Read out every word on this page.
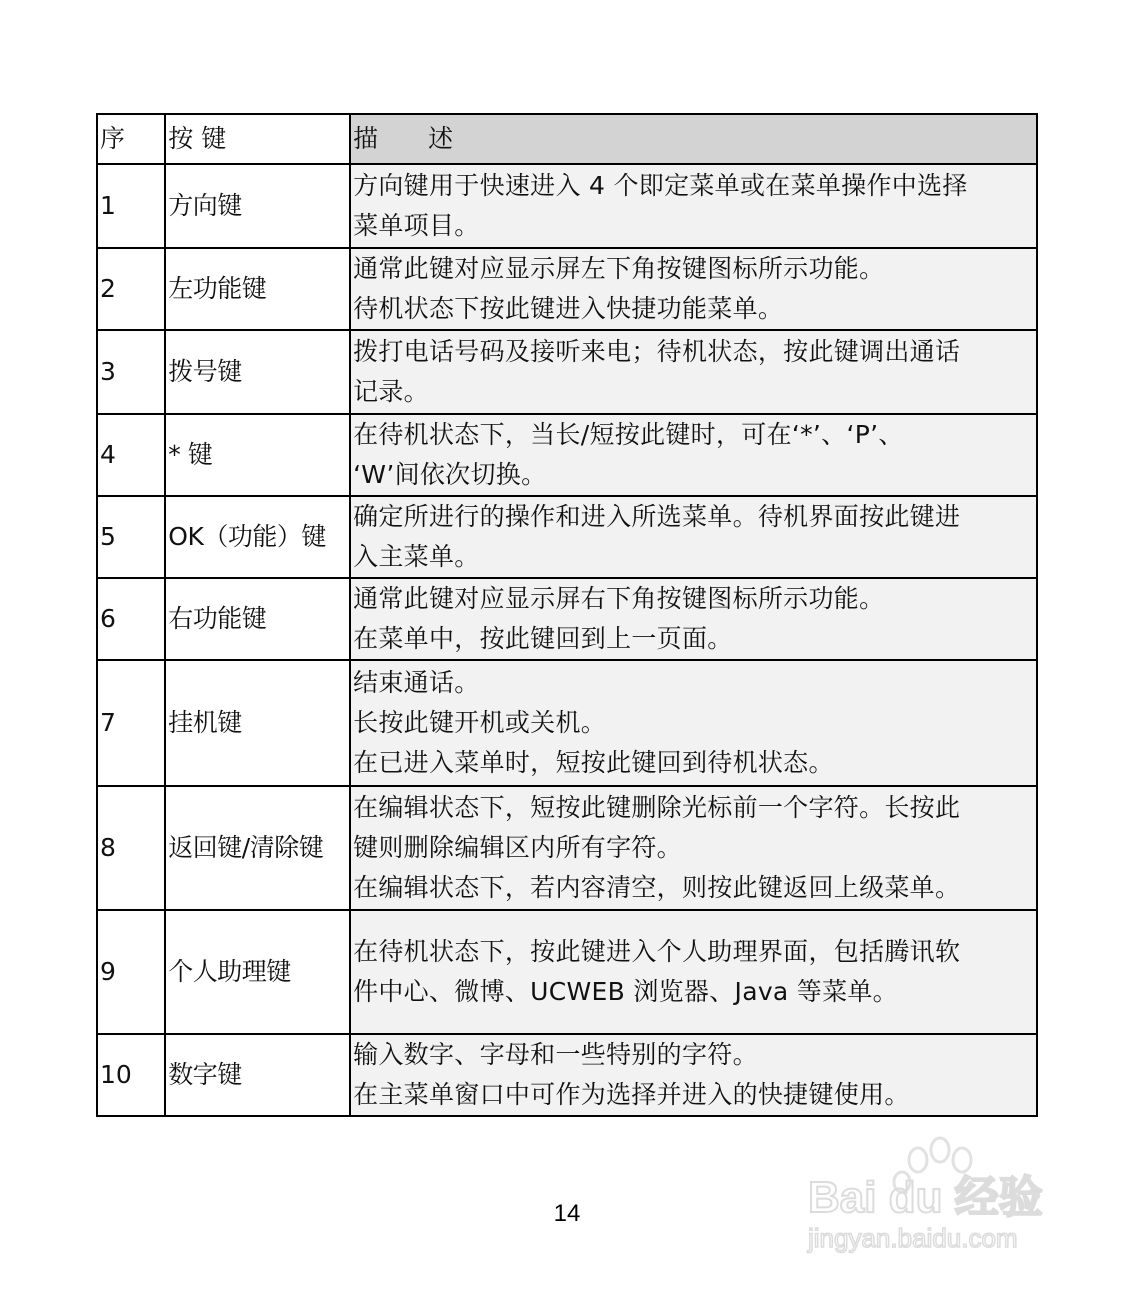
序	按 键	描　　述
1	方向键	方向键用于快速进入 4 个即定菜单或在菜单操作中选择
菜单项目。

2	左功能键	通常此键对应显示屏左下角按键图标所示功能。
待机状态下按此键进入快捷功能菜单。

3	拨号键	拨打电话号码及接听来电；待机状态，按此键调出通话
记录。

4	* 键	在待机状态下，当长/短按此键时，可在‘*’、‘P’、
‘W’间依次切换。

5	OK（功能）键	确定所进行的操作和进入所选菜单。待机界面按此键进
入主菜单。

6	右功能键	通常此键对应显示屏右下角按键图标所示功能。
在菜单中，按此键回到上一页面。

7	挂机键	结束通话。
长按此键开机或关机。
在已进入菜单时，短按此键回到待机状态。

8	返回键/清除键	在编辑状态下，短按此键删除光标前一个字符。长按此
键则删除编辑区内所有字符。
在编辑状态下，若内容清空，则按此键返回上级菜单。

9	个人助理键	在待机状态下，按此键进入个人助理界面，包括腾讯软
件中心、微博、UCWEB 浏览器、Java 等菜单。

10	数字键	输入数字、字母和一些特别的字符。
在主菜单窗口中可作为选择并进入的快捷键使用。
14	Bai du 经验
jingyan.baidu.com
